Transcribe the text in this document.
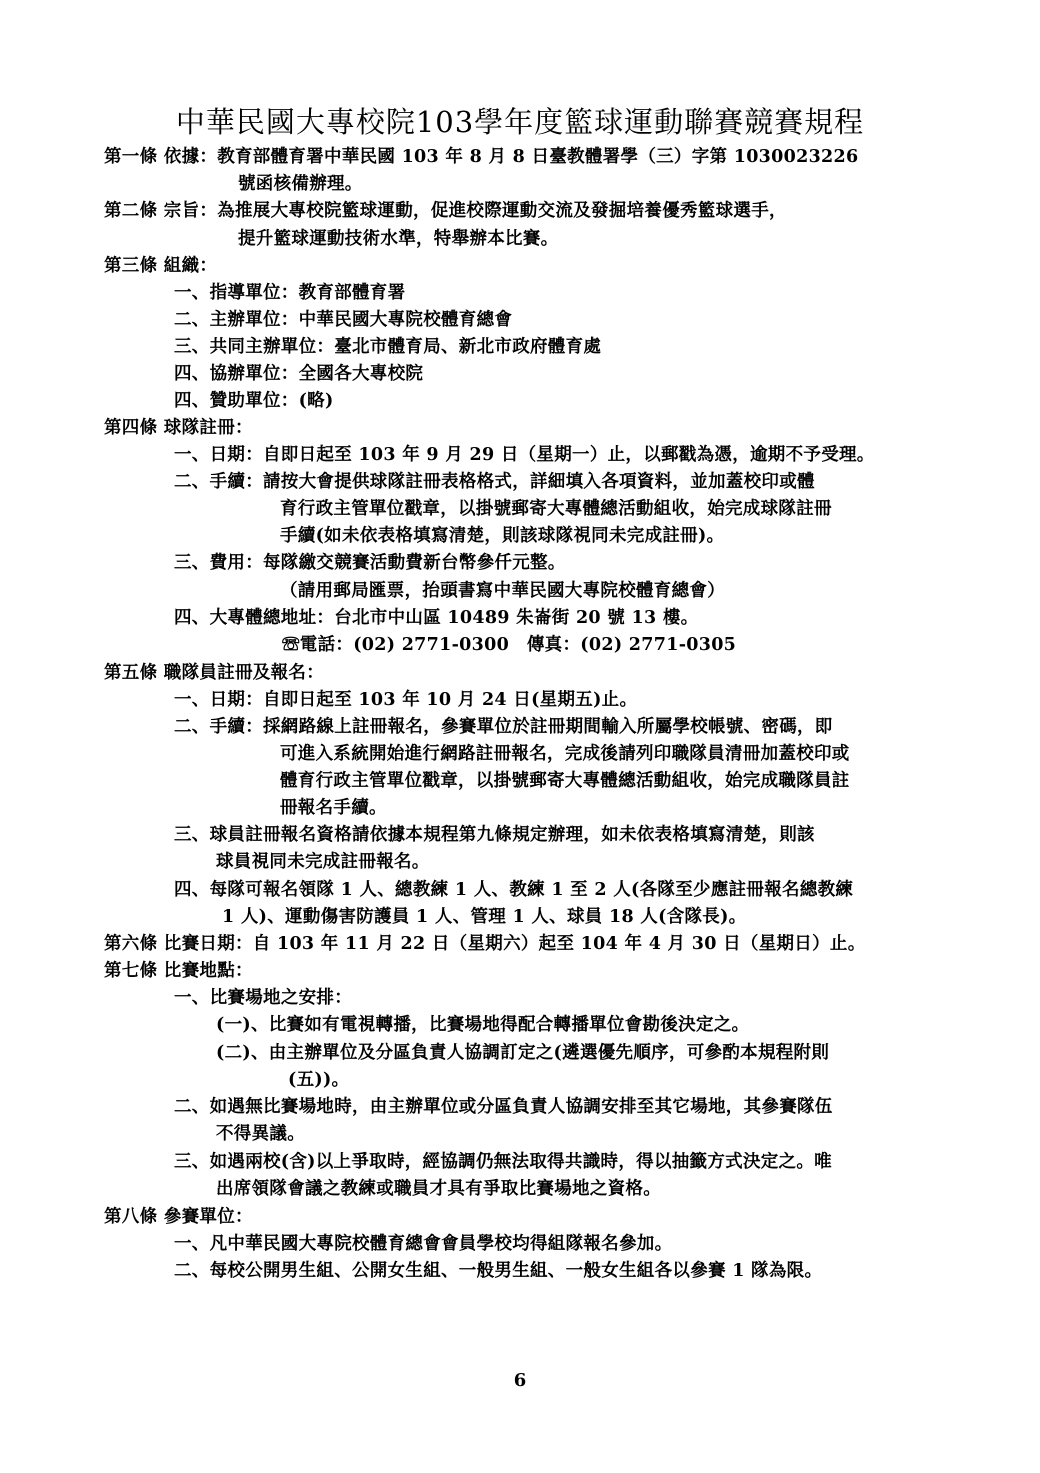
中華民國大專校院103學年度籃球運動聯賽競賽規程
第一條 依據：教育部體育署中華民國 103 年 8 月 8 日臺教體署學（三）字第 1030023226
號函核備辦理。
第二條 宗旨：為推展大專校院籃球運動，促進校際運動交流及發掘培養優秀籃球選手，
提升籃球運動技術水準，特舉辦本比賽。
第三條 組織：
一、指導單位：教育部體育署
二、主辦單位：中華民國大專院校體育總會
三、共同主辦單位：臺北市體育局、新北市政府體育處
四、協辦單位：全國各大專校院
四、贊助單位：(略)
第四條 球隊註冊：
一、日期：自即日起至 103 年 9 月 29 日（星期一）止，以郵戳為憑，逾期不予受理。
二、手續：請按大會提供球隊註冊表格格式，詳細填入各項資料，並加蓋校印或體
育行政主管單位戳章，以掛號郵寄大專體總活動組收，始完成球隊註冊
手續(如未依表格填寫清楚，則該球隊視同未完成註冊)。
三、費用：每隊繳交競賽活動費新台幣參仟元整。
（請用郵局匯票，抬頭書寫中華民國大專院校體育總會）
四、大專體總地址：台北市中山區 10489 朱崙街 20 號 13 樓。
☏電話：(02) 2771-0300　傳真：(02) 2771-0305
第五條 職隊員註冊及報名：
一、日期：自即日起至 103 年 10 月 24 日(星期五)止。
二、手續：採網路線上註冊報名，參賽單位於註冊期間輸入所屬學校帳號、密碼，即
可進入系統開始進行網路註冊報名，完成後請列印職隊員清冊加蓋校印或
體育行政主管單位戳章，以掛號郵寄大專體總活動組收，始完成職隊員註
冊報名手續。
三、球員註冊報名資格請依據本規程第九條規定辦理，如未依表格填寫清楚，則該
球員視同未完成註冊報名。
四、每隊可報名領隊 1 人、總教練 1 人、教練 1 至 2 人(各隊至少應註冊報名總教練
1 人)、運動傷害防護員 1 人、管理 1 人、球員 18 人(含隊長)。
第六條 比賽日期：自 103 年 11 月 22 日（星期六）起至 104 年 4 月 30 日（星期日）止。
第七條 比賽地點：
一、比賽場地之安排：
(一)、比賽如有電視轉播，比賽場地得配合轉播單位會勘後決定之。
(二)、由主辦單位及分區負責人協調訂定之(遴選優先順序，可參酌本規程附則
(五))。
二、如遇無比賽場地時，由主辦單位或分區負責人協調安排至其它場地，其參賽隊伍
不得異議。
三、如遇兩校(含)以上爭取時，經協調仍無法取得共識時，得以抽籤方式決定之。唯
出席領隊會議之教練或職員才具有爭取比賽場地之資格。
第八條 參賽單位：
一、凡中華民國大專院校體育總會會員學校均得組隊報名參加。
二、每校公開男生組、公開女生組、一般男生組、一般女生組各以參賽 1 隊為限。
6
